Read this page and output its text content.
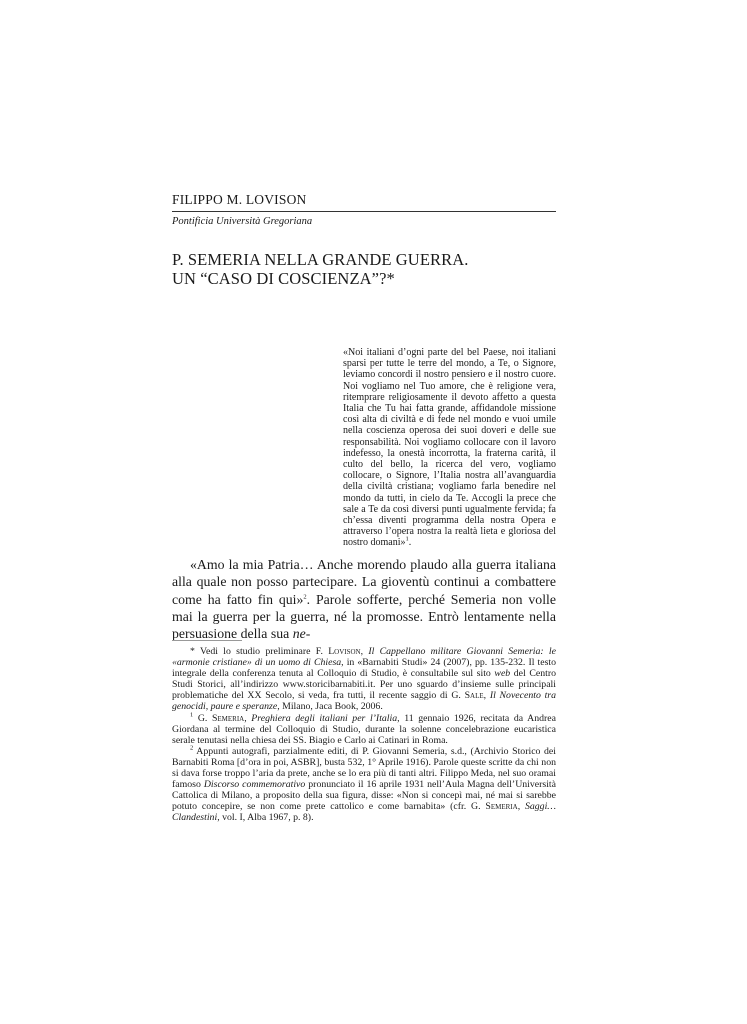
FILIPPO M. LOVISON
Pontificia Università Gregoriana
P. SEMERIA NELLA GRANDE GUERRA.
UN “CASO DI COSCIENZA”?*
«Noi italiani d’ogni parte del bel Paese, noi italiani sparsi per tutte le terre del mondo, a Te, o Signore, leviamo concordi il nostro pensiero e il nostro cuore. Noi vogliamo nel Tuo amore, che è religione vera, ritemprare religiosamente il devoto affetto a questa Italia che Tu hai fatta grande, affidandole missione così alta di civiltà e di fede nel mondo e vuoi umile nella coscienza operosa dei suoi doveri e delle sue responsabilità. Noi vogliamo collocare con il lavoro indefesso, la onestà incorrotta, la fraterna carità, il culto del bello, la ricerca del vero, vogliamo collocare, o Signore, l’Italia nostra all’avanguardia della civiltà cristiana; vogliamo farla benedire nel mondo da tutti, in cielo da Te. Accogli la prece che sale a Te da così diversi punti ugualmente fervida; fa ch’essa diventi programma della nostra Opera e attraverso l’opera nostra la realtà lieta e gloriosa del nostro domani»$^1$.

«Amo la mia Patria… Anche morendo plaudo alla guerra italiana alla quale non posso partecipare. La gioventù continui a combattere come ha fatto fin qui»$^2$. Parole sofferte, perché Semeria non volle mai la guerra per la guerra, né la promosse. Entrò lentamente nella persuasione della sua ne-

* Vedi lo studio preliminare F. Lovison, Il Cappellano militare Giovanni Semeria: le «armonie cristiane» di un uomo di Chiesa, in «Barnabiti Studi» 24 (2007), pp. 135-232. Il testo integrale della conferenza tenuta al Colloquio di Studio, è consultabile sul sito web del Centro Studi Storici, all’indirizzo www.storicibarnabiti.it. Per uno sguardo d’insieme sulle principali problematiche del XX Secolo, si veda, fra tutti, il recente saggio di G. Sale, Il Novecento tra genocidi, paure e speranze, Milano, Jaca Book, 2006.

$^1$ G. Semeria, Preghiera degli italiani per l’Italia, 11 gennaio 1926, recitata da Andrea Giordana al termine del Colloquio di Studio, durante la solenne concelebrazione eucaristica serale tenutasi nella chiesa dei SS. Biagio e Carlo ai Catinari in Roma.

$^2$ Appunti autografi, parzialmente editi, di P. Giovanni Semeria, s.d., (Archivio Storico dei Barnabiti Roma [d’ora in poi, ASBR], busta 532, 1° Aprile 1916). Parole queste scritte da chi non si dava forse troppo l’aria da prete, anche se lo era più di tanti altri. Filippo Meda, nel suo oramai famoso Discorso commemorativo pronunciato il 16 aprile 1931 nell’Aula Magna dell’Università Cattolica di Milano, a proposito della sua figura, disse: «Non si concepì mai, né mai si sarebbe potuto concepire, se non come prete cattolico e come barnabita» (cfr. G. Semeria, Saggi… Clandestini, vol. I, Alba 1967, p. 8).
